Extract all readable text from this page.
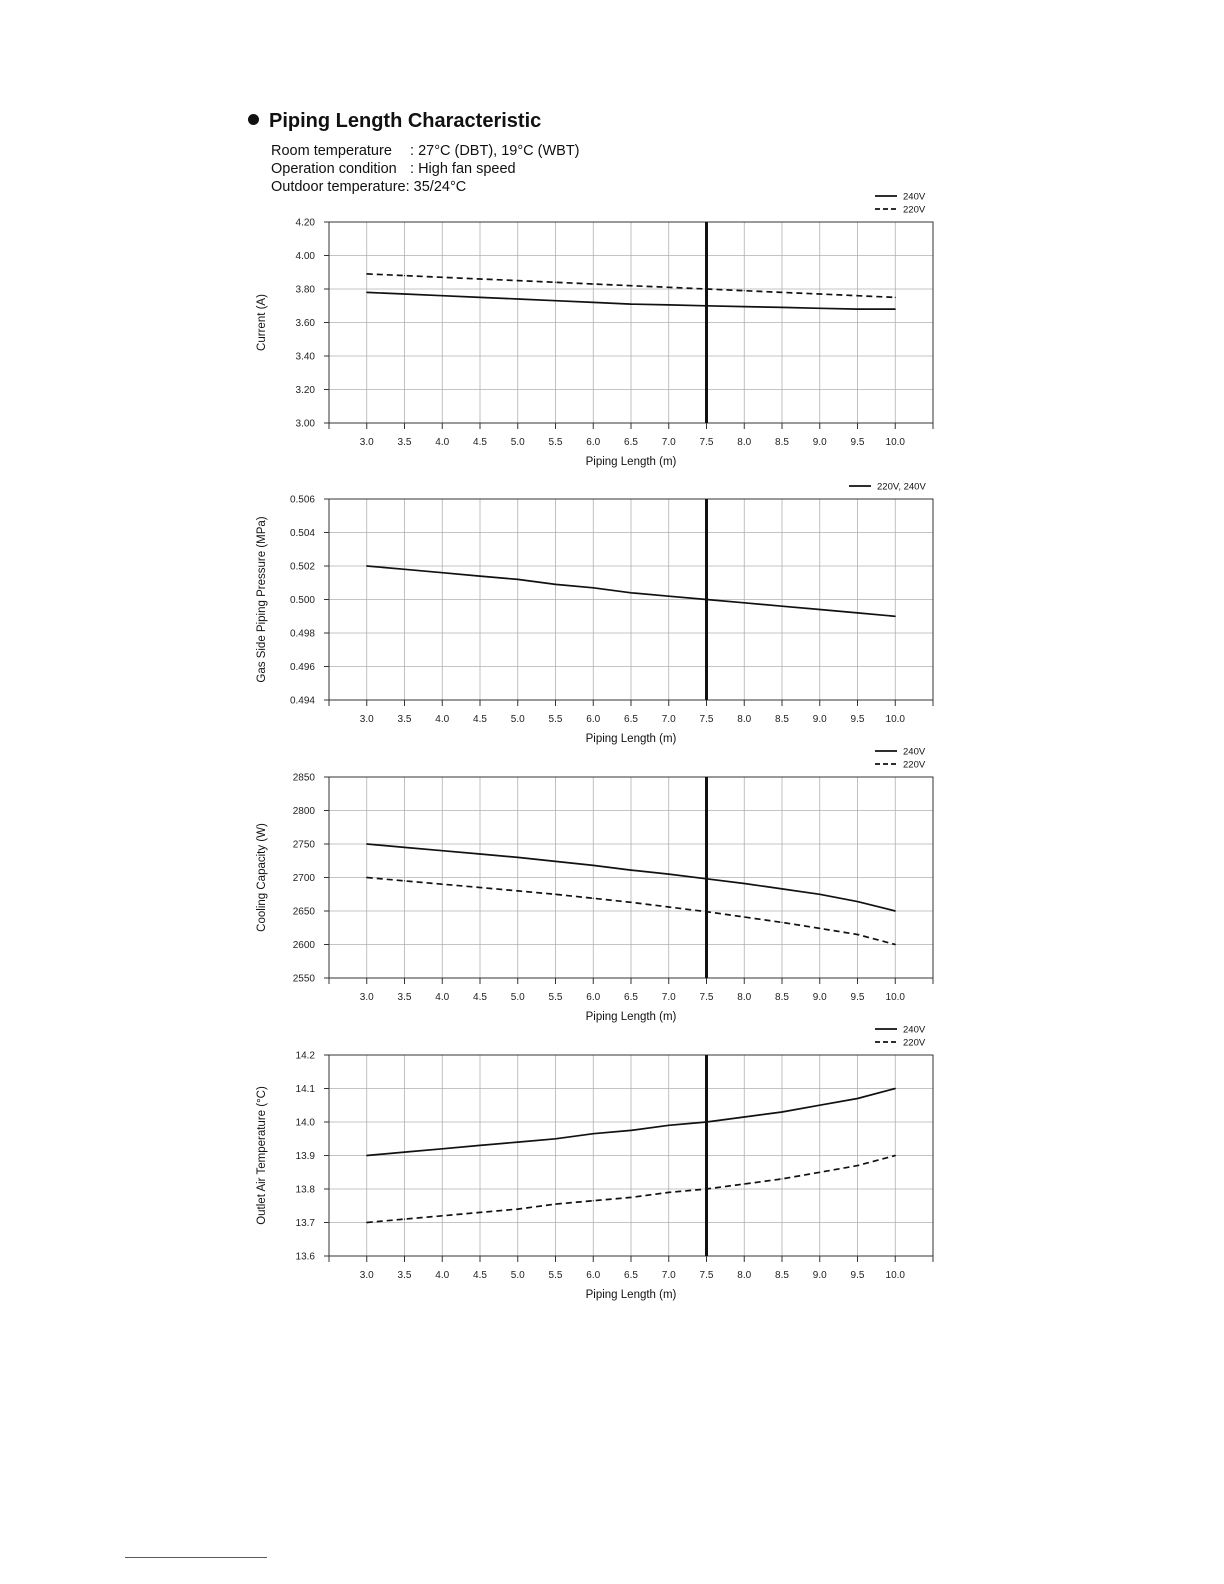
Piping Length Characteristic
Room temperature : 27°C (DBT), 19°C (WBT)
Operation condition : High fan speed
Outdoor temperature: 35/24°C
3.00
3.20
3.40
3.60
3.80
4.00
4.20
3.0 3.5 4.0 4.5 5.0 5.5 6.0 6.5 7.0 7.5 8.0 8.5 9.0 9.5 10.0
Piping Length (m)
Current (A)
240V
220V
0.494
0.496
0.498
0.500
0.502
0.504
0.506
3.0 3.5 4.0 4.5 5.0 5.5 6.0 6.5 7.0 7.5 8.0 8.5 9.0 9.5 10.0
Piping Length (m)
Gas Side Piping Pressure (MPa)
220V, 240V
2550
2600
2650
2700
2750
2800
2850
3.0 3.5 4.0 4.5 5.0 5.5 6.0 6.5 7.0 7.5 8.0 8.5 9.0 9.5 10.0
Piping Length (m)
Cooling Capacity (W)
240V
220V
13.6
13.7
13.8
13.9
14.0
14.1
14.2
3.0 3.5 4.0 4.5 5.0 5.5 6.0 6.5 7.0 7.5 8.0 8.5 9.0 9.5 10.0
Piping Length (m)
Outlet Air Temperature (°C)
240V
220V
